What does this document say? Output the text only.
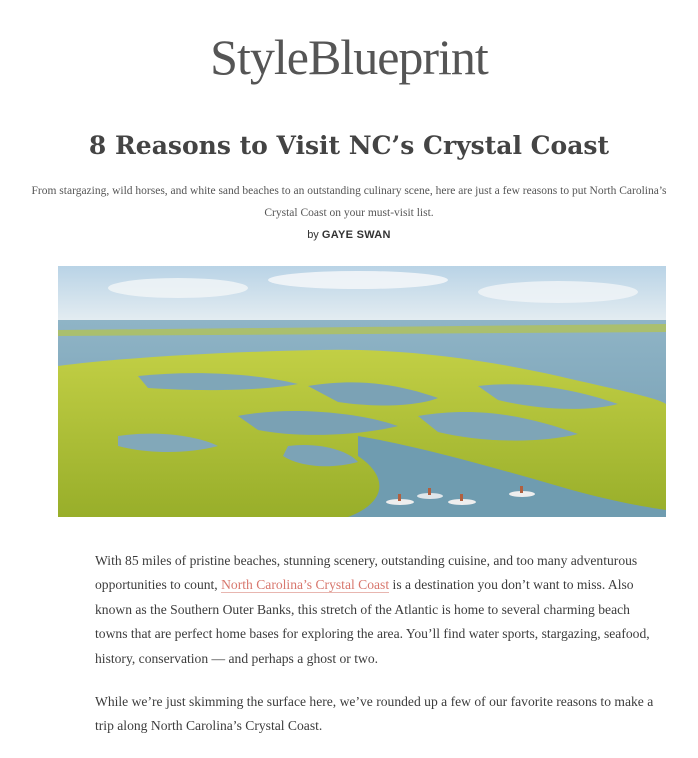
StyleBlueprint
8 Reasons to Visit NC’s Crystal Coast
From stargazing, wild horses, and white sand beaches to an outstanding culinary scene, here are just a few reasons to put North Carolina’s Crystal Coast on your must-visit list.
by GAYE SWAN

With 85 miles of pristine beaches, stunning scenery, outstanding cuisine, and too many adventurous opportunities to count, North Carolina’s Crystal Coast is a destination you don’t want to miss. Also known as the Southern Outer Banks, this stretch of the Atlantic is home to several charming beach towns that are perfect home bases for exploring the area. You’ll find water sports, stargazing, seafood, history, conservation — and perhaps a ghost or two.

While we’re just skimming the surface here, we’ve rounded up a few of our favorite reasons to make a trip along North Carolina’s Crystal Coast.
